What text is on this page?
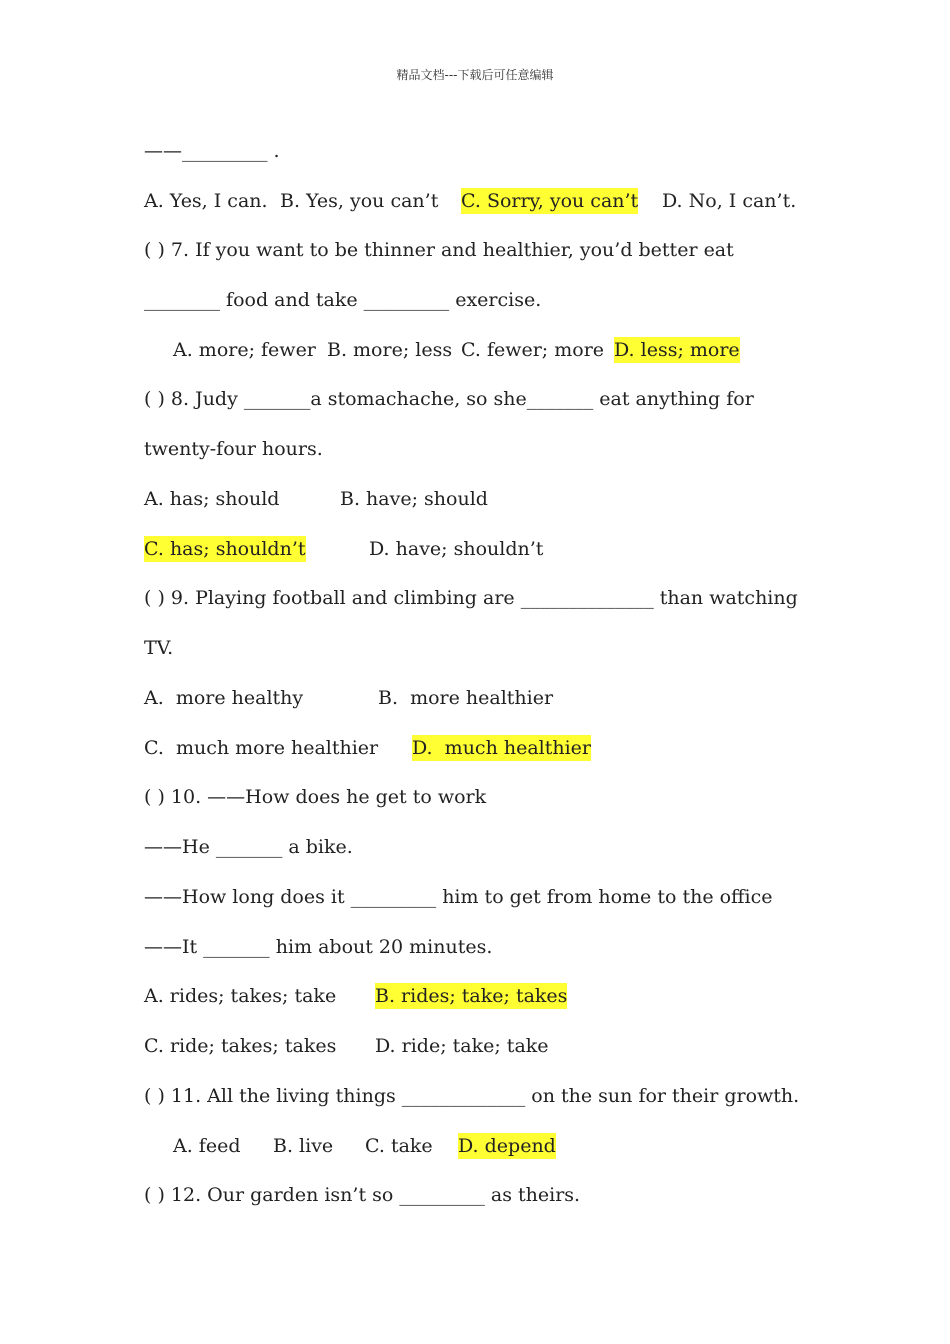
精品文档---下载后可任意编辑
——_________ .
A. Yes, I can. B. Yes, you can’t C. Sorry, you can’t D. No, I can’t.
( ) 7. If you want to be thinner and healthier, you’d better eat
________ food and take _________ exercise.
A. more; fewer B. more; less C. fewer; more D. less; more
( ) 8. Judy _______a stomachache, so she_______ eat anything for
twenty-four hours.
A. has; should	B. have; should
C. has; shouldn’t	D. have; shouldn’t
( ) 9. Playing football and climbing are ______________ than watching
TV.
A.  more healthy	B.  more healthier
C.  much more healthier D.  much healthier
( ) 10. ——How does he get to work
——He _______ a bike.
——How long does it _________ him to get from home to the office
——It _______ him about 20 minutes.
A. rides; takes; take B. rides; take; takes
C. ride; takes; takes D. ride; take; take
( ) 11. All the living things _____________ on the sun for their growth.
A. feed B. live C. take D. depend
( ) 12. Our garden isn’t so _________ as theirs.
